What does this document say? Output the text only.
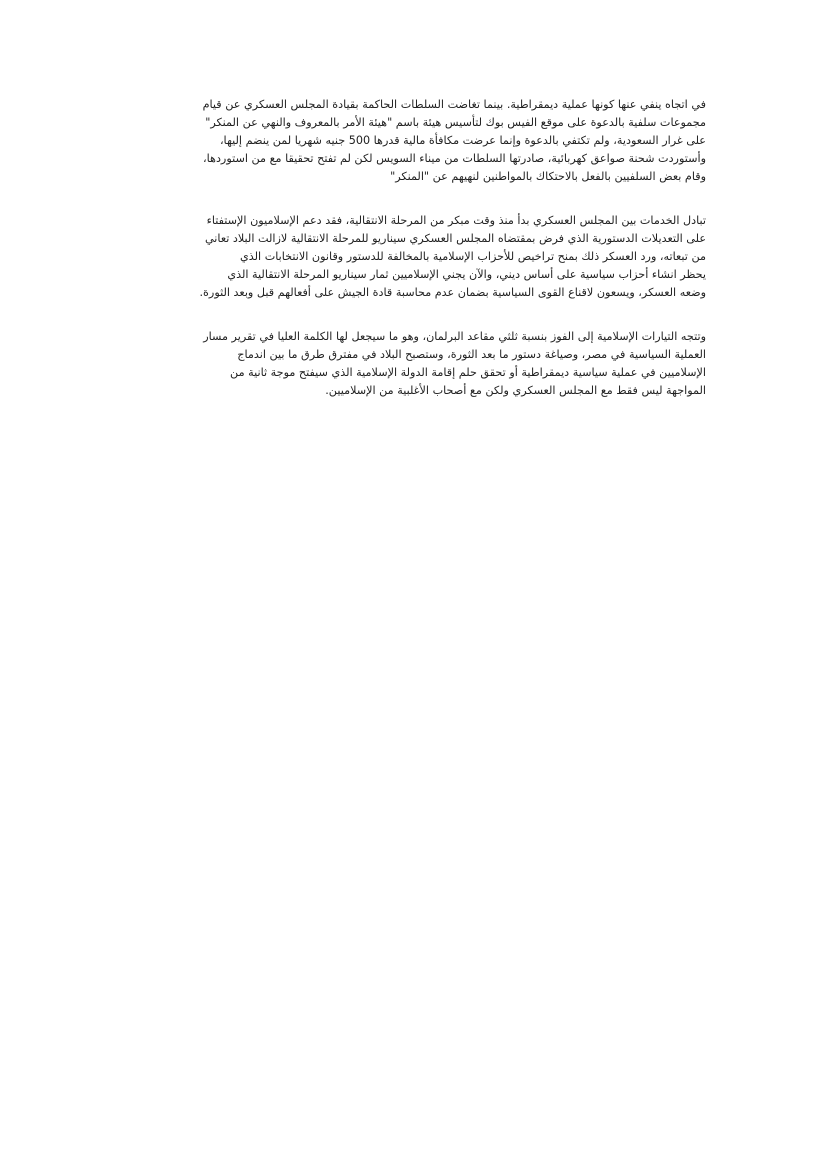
في اتجاه ينفي عنها كونها عملية ديمقراطية. بينما تغاضت السلطات الحاكمة بقيادة المجلس العسكري عن قيام
مجموعات سلفية بالدعوة على موقع الفيس بوك لتأسيس هيئة باسم "هيئة الأمر بالمعروف والنهي عن المنكر"
على غرار السعودية، ولم تكتفي بالدعوة وإنما عرضت مكافأة مالية قدرها 500 جنيه شهريا لمن ينضم إليها،
وأستوردت شحنة صواعق كهربائية، صادرتها السلطات من ميناء السويس لكن لم تفتح تحقيقا مع من استوردها،
وقام بعض السلفيين بالفعل بالاحتكاك بالمواطنين لنهيهم عن "المنكر"

تبادل الخدمات بين المجلس العسكري بدأ منذ وقت مبكر من المرحلة الانتقالية، فقد دعم الإسلاميون الإستفتاء
على التعديلات الدستورية الذي فرض بمقتضاه المجلس العسكري سيناريو للمرحلة الانتقالية لازالت البلاد تعاني
من تبعاته، ورد العسكر ذلك بمنح تراخيص للأحزاب الإسلامية بالمخالفة للدستور وقانون الانتخابات الذي
يحظر انشاء أحزاب سياسية على أساس ديني، والآن يجني الإسلاميين ثمار سيناريو المرحلة الانتقالية الذي
وضعه العسكر، ويسعون لاقناع القوى السياسية بضمان عدم محاسبة قادة الجيش على أفعالهم قبل وبعد الثورة.

وتتجه التيارات الإسلامية إلى الفوز بنسبة ثلثي مقاعد البرلمان، وهو ما سيجعل لها الكلمة العليا في تقرير مسار
العملية السياسية في مصر، وصياغة دستور ما بعد الثورة، وستصبح البلاد في مفترق طرق ما بين اندماج
الإسلاميين في عملية سياسية ديمقراطية أو تحقق حلم إقامة الدولة الإسلامية الذي سيفتح موجة ثانية من
المواجهة ليس فقط مع المجلس العسكري ولكن مع أصحاب الأغلبية من الإسلاميين.
